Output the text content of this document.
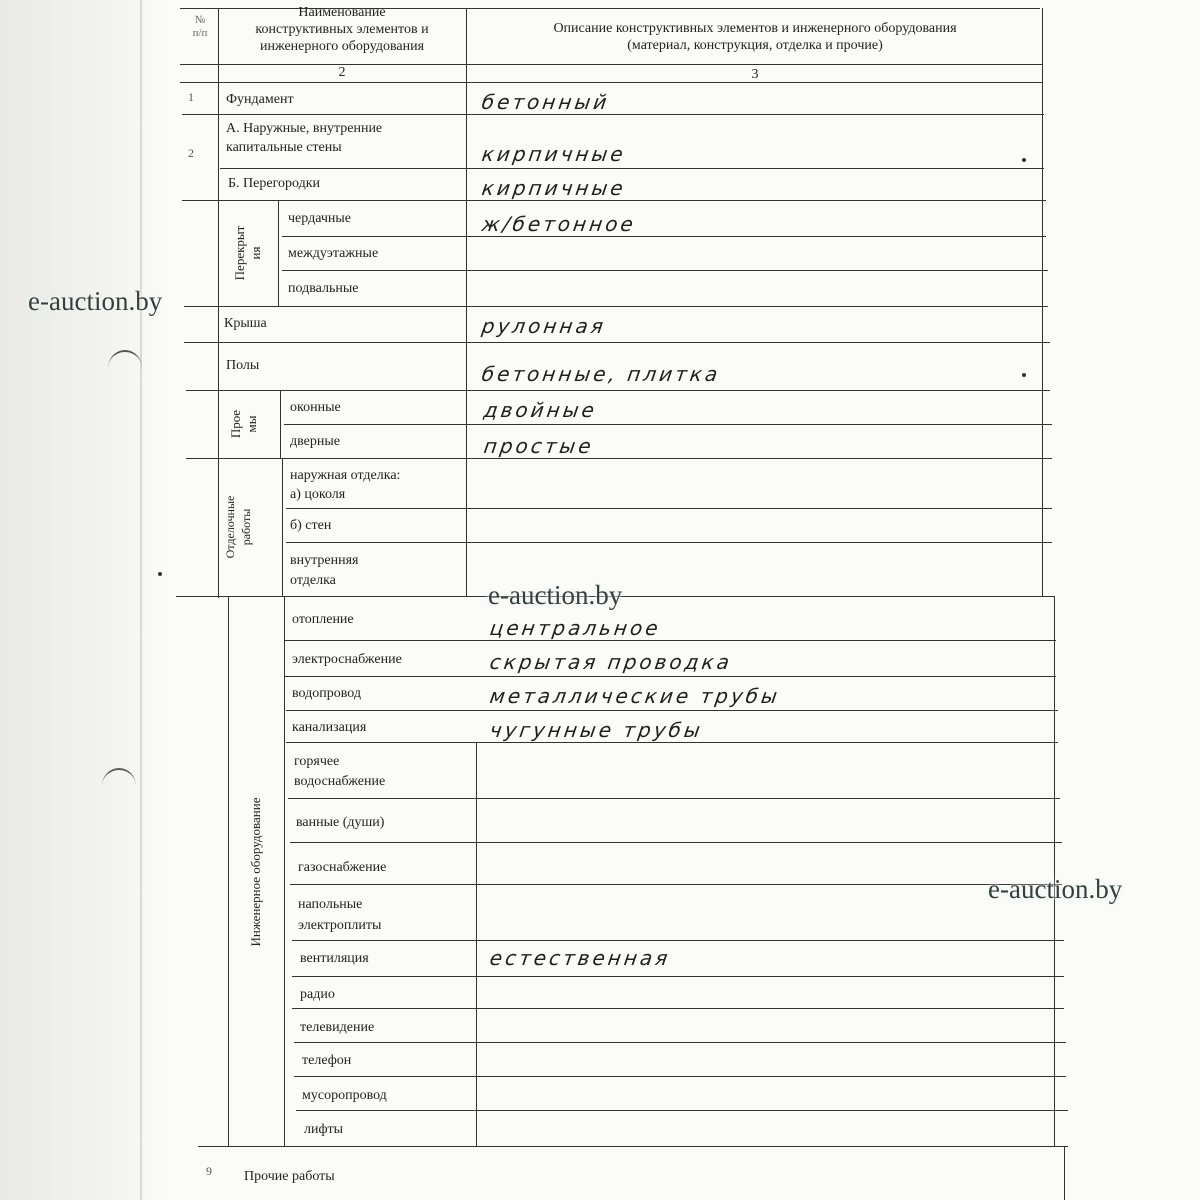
№
п/п
Наименование
конструктивных элементов и
инженерного оборудования
Описание конструктивных элементов и инженерного оборудования
(материал, конструкция, отделка и прочие)
2	3
1
2
9
Перекрыт
ия
Проe
мы
Отделочные
работы
Инженерное оборудование
Фундамент
А. Наружные, внутренние
капитальные стены
Б. Перегородки
чердачные
междуэтажные
подвальные
Крыша
Полы
оконные
дверные
наружная отделка:
а) цоколя
б) стен
внутренняя
отделка
отопление
электроснабжение
водопровод
канализация
горячее
водоснабжение
ванные (души)
газоснабжение
напольные
электроплиты
вентиляция
радио
телевидение
телефон
мусоропровод
лифты
Прочие работы
бетонный
кирпичные
кирпичные
ж/бетонное
рулонная
бетонные, плитка
двойные
простые
центральное
скрытая проводка
металлические трубы
чугунные трубы
естественная
e-auction.by
e-auction.by
e-auction.by
